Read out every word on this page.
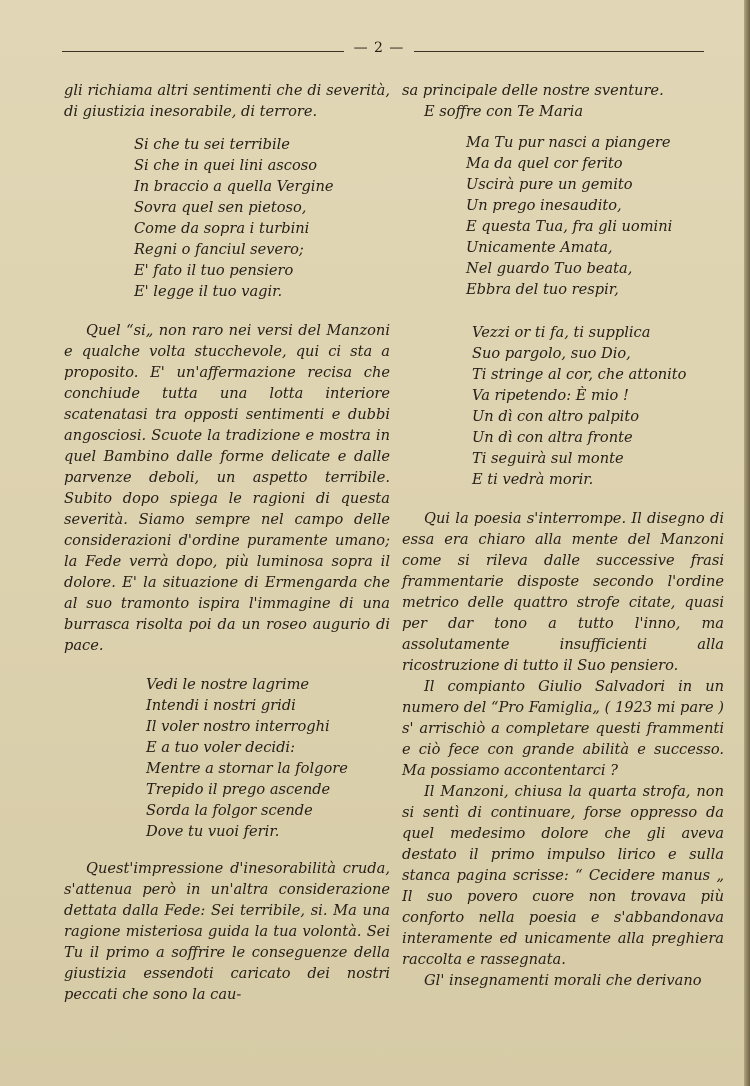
— 2 —

gli richiama altri sentimenti che di severità, di giustizia inesorabile, di terrore.

Si che tu sei terribile
Si che in quei lini ascoso
In braccio a quella Vergine
Sovra quel sen pietoso,
Come da sopra i turbini
Regni o fanciul severo;
E' fato il tuo pensiero
E' legge il tuo vagir.

Quel “si„ non raro nei versi del Manzoni e qualche volta stucchevole, qui ci sta a proposito. E' un'affermazione recisa che conchiude tutta una lotta interiore scatenatasi tra opposti sentimenti e dubbi angosciosi. Scuote la tradizione e mostra in quel Bambino dalle forme delicate e dalle parvenze deboli, un aspetto terribile. Subito dopo spiega le ragioni di questa severità. Siamo sempre nel campo delle considerazioni d'ordine puramente umano; la Fede verrà dopo, più luminosa sopra il dolore. E' la situazione di Ermengarda che al suo tramonto ispira l'immagine di una burrasca risolta poi da un roseo augurio di pace.

Vedi le nostre lagrime
Intendi i nostri gridi
Il voler nostro interroghi
E a tuo voler decidi:
Mentre a stornar la folgore
Trepido il prego ascende
Sorda la folgor scende
Dove tu vuoi ferir.

Quest'impressione d'inesorabilità cruda, s'attenua però in un'altra considerazione dettata dalla Fede: Sei terribile, si. Ma una ragione misteriosa guida la tua volontà. Sei Tu il primo a soffrire le conseguenze della giustizia essendoti caricato dei nostri peccati che sono la cau-

sa principale delle nostre sventure.

E soffre con Te Maria

Ma Tu pur nasci a piangere
Ma da quel cor ferito
Uscirà pure un gemito
Un prego inesaudito,
E questa Tua, fra gli uomini
Unicamente Amata,
Nel guardo Tuo beata,
Ebbra del tuo respir,
Vezzi or ti fa, ti supplica
Suo pargolo, suo Dio,
Ti stringe al cor, che attonito
Va ripetendo: È mio !
Un dì con altro palpito
Un dì con altra fronte
Ti seguirà sul monte
E ti vedrà morir.

Qui la poesia s'interrompe. Il disegno di essa era chiaro alla mente del Manzoni come si rileva dalle successive frasi frammentarie disposte secondo l'ordine metrico delle quattro strofe citate, quasi per dar tono a tutto l'inno, ma assolutamente insufficienti alla ricostruzione di tutto il Suo pensiero.

Il compianto Giulio Salvadori in un numero del “Pro Famiglia„ ( 1923 mi pare ) s' arrischiò a completare questi frammenti e ciò fece con grande abilità e successo. Ma possiamo accontentarci ?

Il Manzoni, chiusa la quarta strofa, non si sentì di continuare, forse oppresso da quel medesimo dolore che gli aveva destato il primo impulso lirico e sulla stanca pagina scrisse: “ Cecidere manus „ Il suo povero cuore non trovava più conforto nella poesia e s'abbandonava interamente ed unicamente alla preghiera raccolta e rassegnata.

Gl' insegnamenti morali che derivano
